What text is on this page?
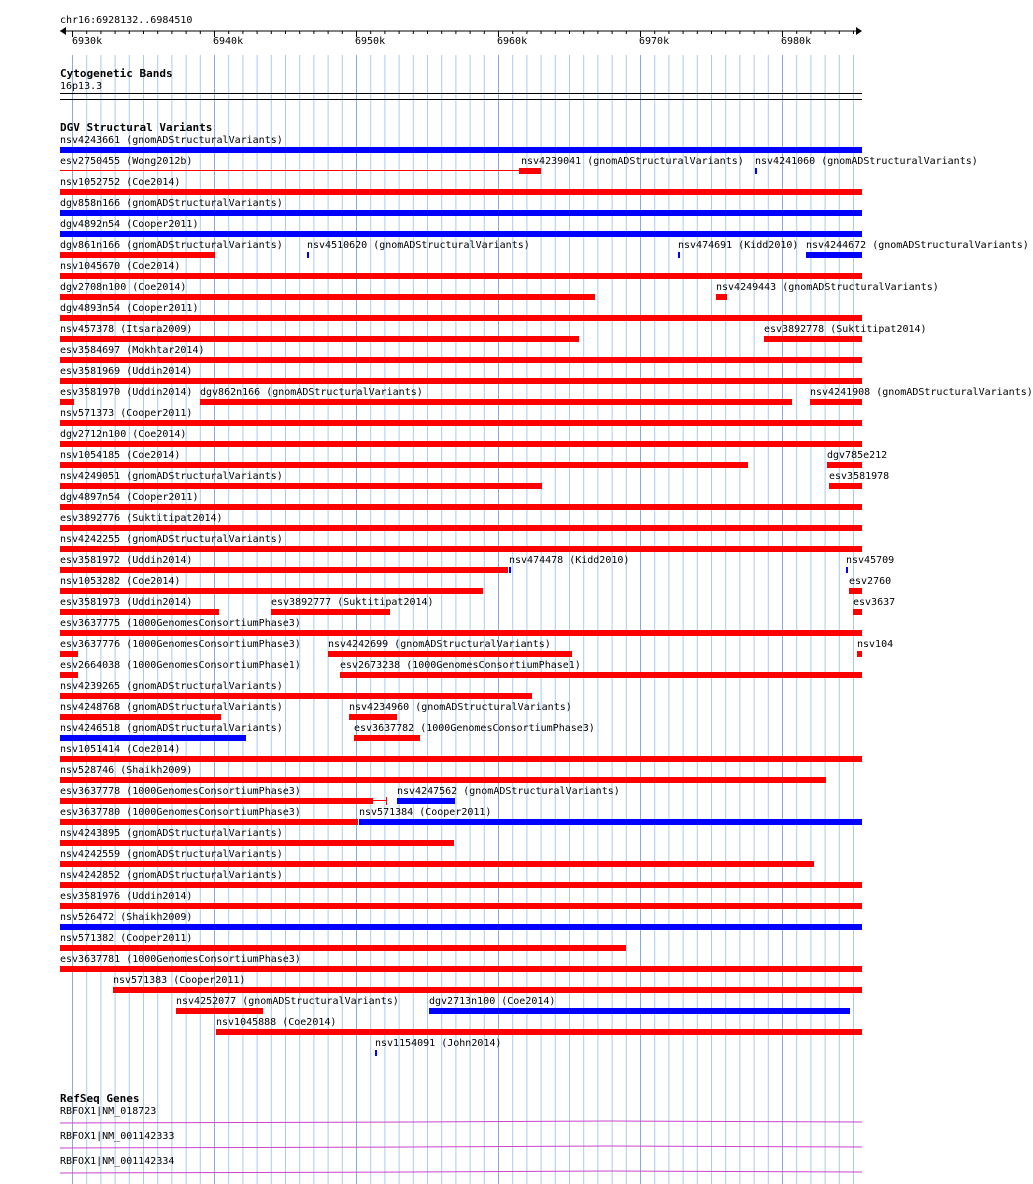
chr16:6928132..6984510
6930k	6940k	6950k	6960k	6970k	6980k
Cytogenetic Bands
16p13.3
DGV Structural Variants
nsv4243661 (gnomADStructuralVariants)
esv2750455 (Wong2012b)	nsv4239041 (gnomADStructuralVariants) nsv4241060 (gnomADStructuralVariants)
nsv1052752 (Coe2014)
dgv858n166 (gnomADStructuralVariants)
dgv4892n54 (Cooper2011)
dgv861n166 (gnomADStructuralVariants) nsv4510620 (gnomADStructuralVariants)	nsv474691 (Kidd2010) nsv4244672 (gnomADStructuralVariants)
nsv1045670 (Coe2014)
dgv2708n100 (Coe2014)	nsv4249443 (gnomADStructuralVariants)
dgv4893n54 (Cooper2011)
nsv457378 (Itsara2009)	esv3892778 (Suktitipat2014)
esv3584697 (Mokhtar2014)
esv3581969 (Uddin2014)
esv3581970 (Uddin2014) dgv862n166 (gnomADStructuralVariants)	nsv4241908 (gnomADStructuralVariants)
nsv571373 (Cooper2011)
dgv2712n100 (Coe2014)
nsv1054185 (Coe2014)	dgv785e212
nsv4249051 (gnomADStructuralVariants)	esv3581978
dgv4897n54 (Cooper2011)
esv3892776 (Suktitipat2014)
nsv4242255 (gnomADStructuralVariants)
esv3581972 (Uddin2014)	nsv474478 (Kidd2010)	nsv45709
nsv1053282 (Coe2014)	esv2760
esv3581973 (Uddin2014)	esv3892777 (Suktitipat2014)	esv3637
esv3637775 (1000GenomesConsortiumPhase3)
esv3637776 (1000GenomesConsortiumPhase3)	nsv4242699 (gnomADStructuralVariants)	nsv104
esv2664038 (1000GenomesConsortiumPhase1)	esv2673238 (1000GenomesConsortiumPhase1)
nsv4239265 (gnomADStructuralVariants)
nsv4248768 (gnomADStructuralVariants)	nsv4234960 (gnomADStructuralVariants)
nsv4246518 (gnomADStructuralVariants)	esv3637782 (1000GenomesConsortiumPhase3)
nsv1051414 (Coe2014)
nsv528746 (Shaikh2009)
esv3637778 (1000GenomesConsortiumPhase3)	nsv4247562 (gnomADStructuralVariants)
esv3637780 (1000GenomesConsortiumPhase3)	nsv571384 (Cooper2011)
nsv4243895 (gnomADStructuralVariants)
nsv4242559 (gnomADStructuralVariants)
nsv4242852 (gnomADStructuralVariants)
esv3581976 (Uddin2014)
nsv526472 (Shaikh2009)
nsv571382 (Cooper2011)
esv3637781 (1000GenomesConsortiumPhase3)
nsv571383 (Cooper2011)
nsv4252077 (gnomADStructuralVariants)	dgv2713n100 (Coe2014)
nsv1045888 (Coe2014)
nsv1154091 (John2014)
RefSeq Genes
RBFOX1|NM_018723
RBFOX1|NM_001142333
RBFOX1|NM_001142334
